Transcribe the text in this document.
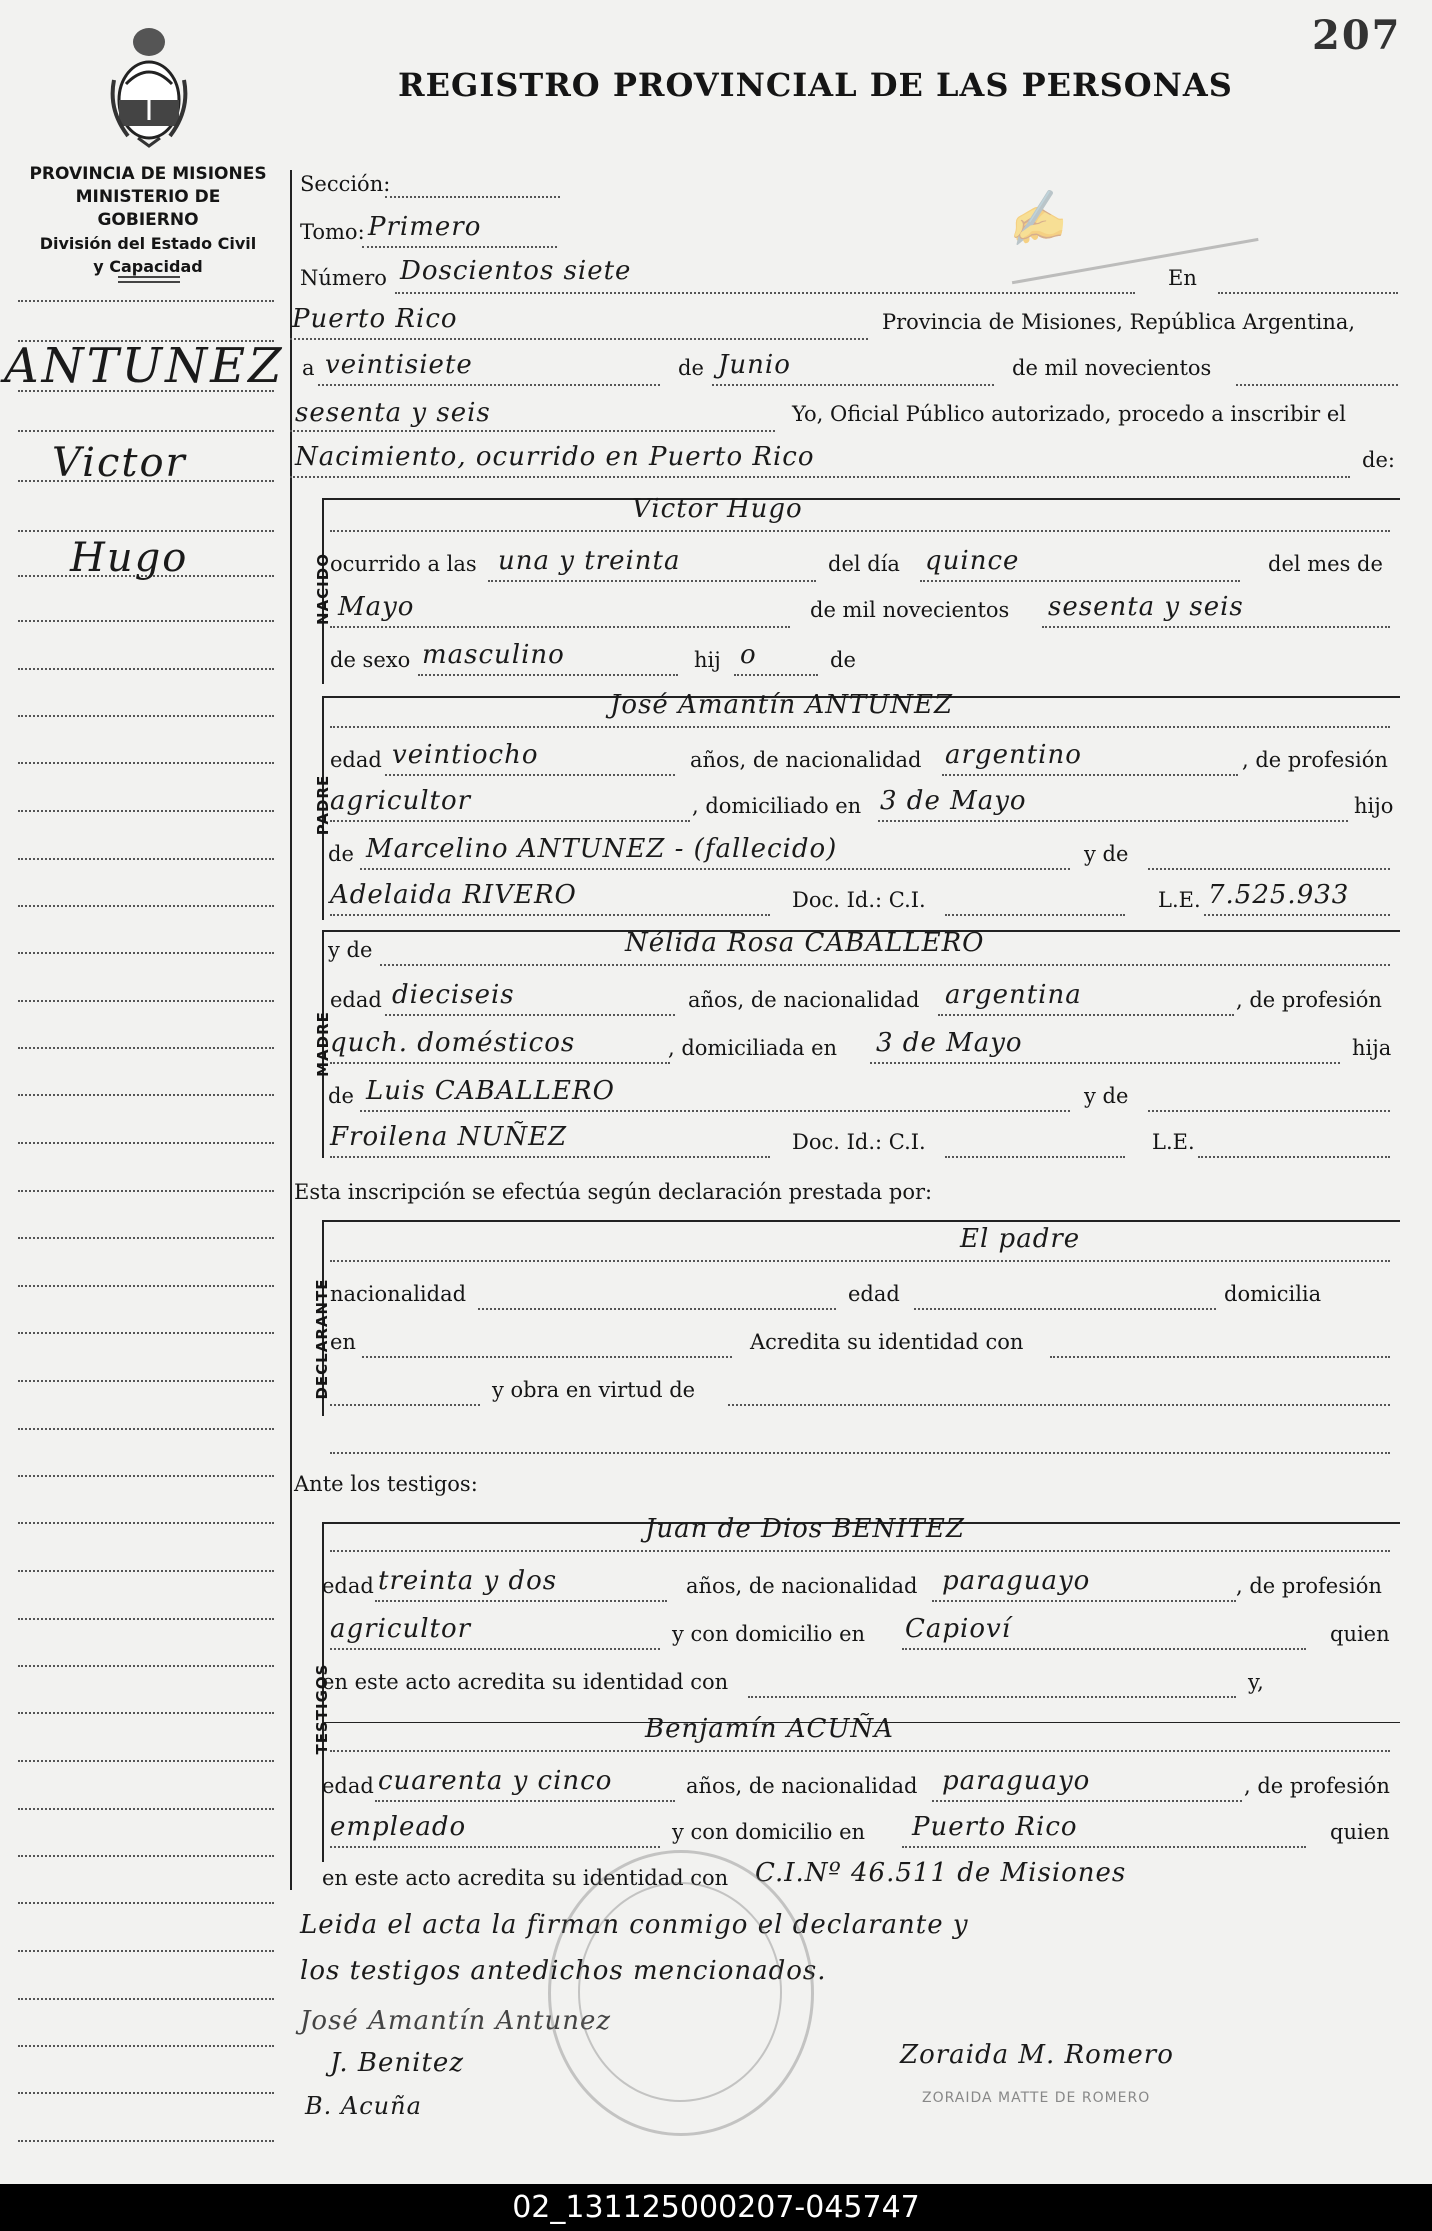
207
REGISTRO PROVINCIAL DE LAS PERSONAS
PROVINCIA DE MISIONES
MINISTERIO DE GOBIERNO
División del Estado Civil
y Capacidad
ANTUNEZ
Victor
Hugo
Sección:
Tomo: Primero
Número Doscientos siete	En
✍
Puerto Rico	Provincia de Misiones, República Argentina,
a veintisiete	de Junio	de mil novecientos
sesenta y seis	Yo, Oficial Público autorizado, procedo a inscribir el
Nacimiento, ocurrido en Puerto Rico	de:
NACIDO
Victor Hugo
ocurrido a las una y treinta	del día quince	del mes de
Mayo	de mil novecientos sesenta y seis
de sexo masculino	hij o	de
PADRE
José Amantín ANTUNEZ
edad veintiocho	años, de nacionalidad argentino	, de profesión
agricultor	, domiciliado en 3 de Mayo	hijo
de Marcelino ANTUNEZ - (fallecido)	y de
Adelaida RIVERO	Doc. Id.: C.I.	L.E. 7.525.933
MADRE
y de	Nélida Rosa CABALLERO
edad dieciseis	años, de nacionalidad argentina	, de profesión
quch. domésticos	, domiciliada en 3 de Mayo	hija
de Luis CABALLERO	y de
Froilena NUÑEZ	Doc. Id.: C.I.	L.E.
Esta inscripción se efectúa según declaración prestada por:
DECLARANTE
El padre
nacionalidad	edad	domicilia
en	Acredita su identidad con
y obra en virtud de
Ante los testigos:
TESTIGOS
Juan de Dios BENITEZ
edad treinta y dos	años, de nacionalidad paraguayo	, de profesión
agricultor	y con domicilio en Capioví	quien
en este acto acredita su identidad con	y,
Benjamín ACUÑA
edad cuarenta y cinco	años, de nacionalidad paraguayo	, de profesión
empleado	y con domicilio en Puerto Rico	quien
en este acto acredita su identidad con C.I.Nº 46.511 de Misiones
Leida el acta la firman conmigo el declarante y
los testigos antedichos mencionados.
José Amantín Antunez
J. Benitez
B. Acuña
Zoraida M. Romero
ZORAIDA MATTE DE ROMERO
02_131125000207-045747
